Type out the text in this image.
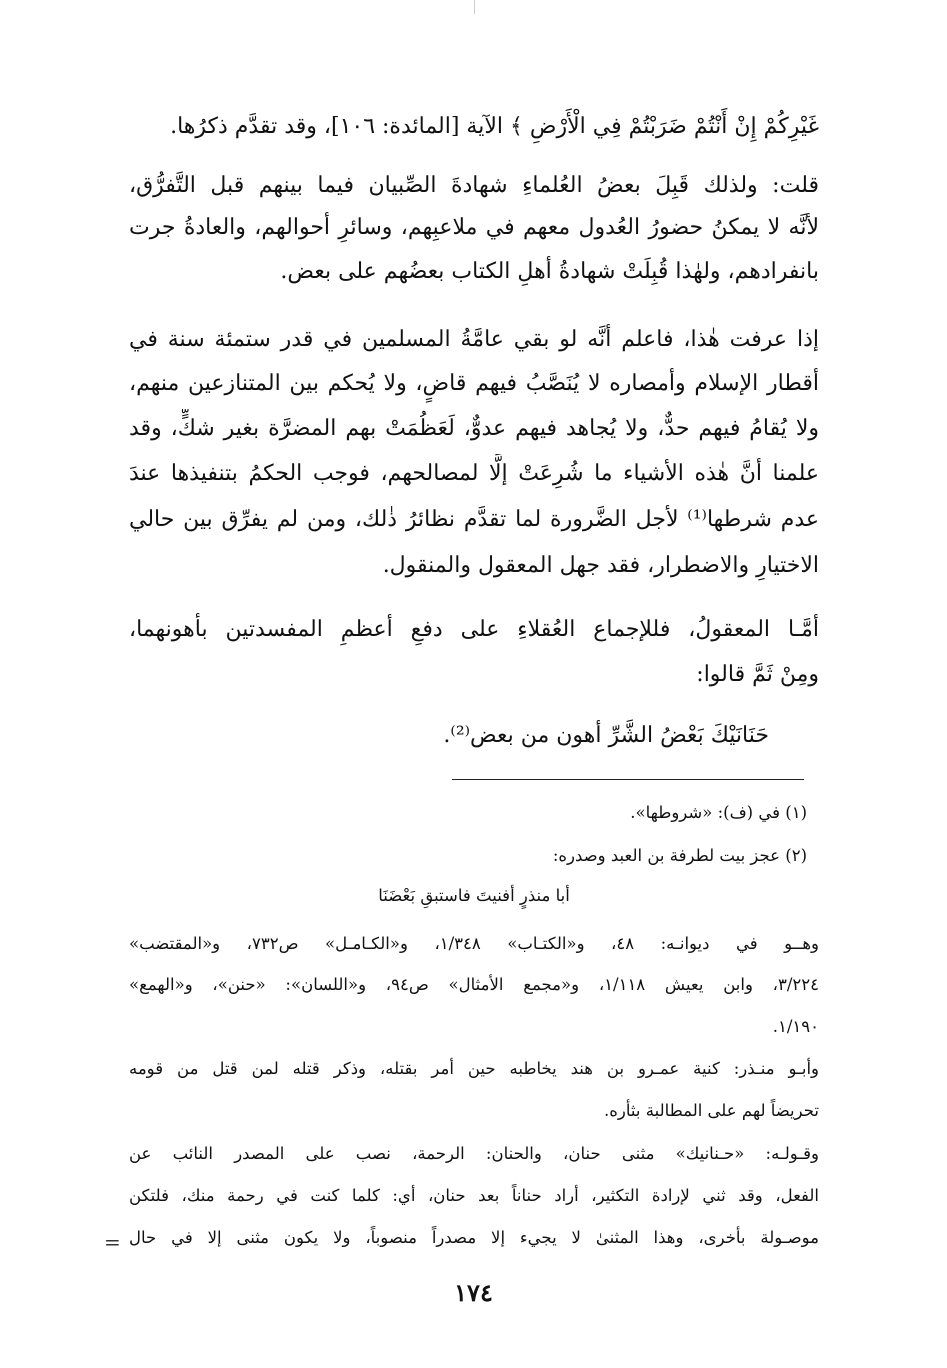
غَيْرِكُمْ إِنْ أَنْتُمْ ضَرَبْتُمْ فِي الْأَرْضِ ﴾ الآية [المائدة: ١٠٦]، وقد تقدَّم ذكرُها.
قلت: ولذلك قَبِلَ بعضُ العُلماءِ شهادةَ الصِّبيان فيما بينهم قبل التَّفرُّق،
لأنَّه لا يمكنُ حضورُ العُدول معهم في ملاعبِهم، وسائرِ أحوالهم، والعادةُ جرت
بانفرادهم، ولهٰذا قُبِلَتْ شهادةُ أهلِ الكتاب بعضُهم على بعض.
إذا عرفت هٰذا، فاعلم أنَّه لو بقي عامَّةُ المسلمين في قدر ستمئة سنة في
أقطار الإسلام وأمصاره لا يُنَصَّبُ فيهم قاضٍ، ولا يُحكم بين المتنازعين منهم،
ولا يُقامُ فيهم حدٌّ، ولا يُجاهد فيهم عدوٌّ، لَعَظُمَتْ بهم المضرَّة بغير شكٍّ، وقد
علمنا أنَّ هٰذه الأشياء ما شُرِعَتْ إلَّا لمصالحهم، فوجب الحكمُ بتنفيذها عندَ
عدم شرطها⁽¹⁾ لأجل الضَّرورة لما تقدَّم نظائرُ ذٰلك، ومن لم يفرِّق بين حالي
الاختيارِ والاضطرار، فقد جهل المعقول والمنقول.
أمَّـا المعقولُ، فللإجماع العُقلاءِ على دفعِ أعظمِ المفسدتين بأهونهما،
ومِنْ ثَمَّ قالوا:
حَنَانَيْكَ بَعْضُ الشَّرِّ أهون من بعض⁽²⁾.
(١) في (ف): «شروطها».
(٢) عجز بيت لطرفة بن العبد وصدره:
أبا منذرٍ أفنيتَ فاستبقِ بَعْضَنَا
وهــو في ديوانـه: ٤٨، و«الكتـاب» ١/٣٤٨، و«الكـامـل» ص٧٣٢، و«المقتضب»
٣/٢٢٤، وابن يعيش ١/١١٨، و«مجمع الأمثال» ص٩٤، و«اللسان»: «حنن»، و«الهمع»
١/١٩٠.
وأبـو منـذر: كنية عمـرو بن هند يخاطبه حين أمر بقتله، وذكر قتله لمن قتل من قومه
تحريضاً لهم على المطالبة بثأره.
وقـولـه: «حـنانيك» مثنى حنان، والحنان: الرحمة، نصب على المصدر النائب عن
الفعل، وقد ثني لإرادة التكثير، أراد حناناً بعد حنان، أي: كلما كنت في رحمة منك، فلتكن
موصـولة بأخرى، وهذا المثنىٰ لا يجيء إلا مصدراً منصوباً، ولا يكون مثنى إلا في حال
=
١٧٤
